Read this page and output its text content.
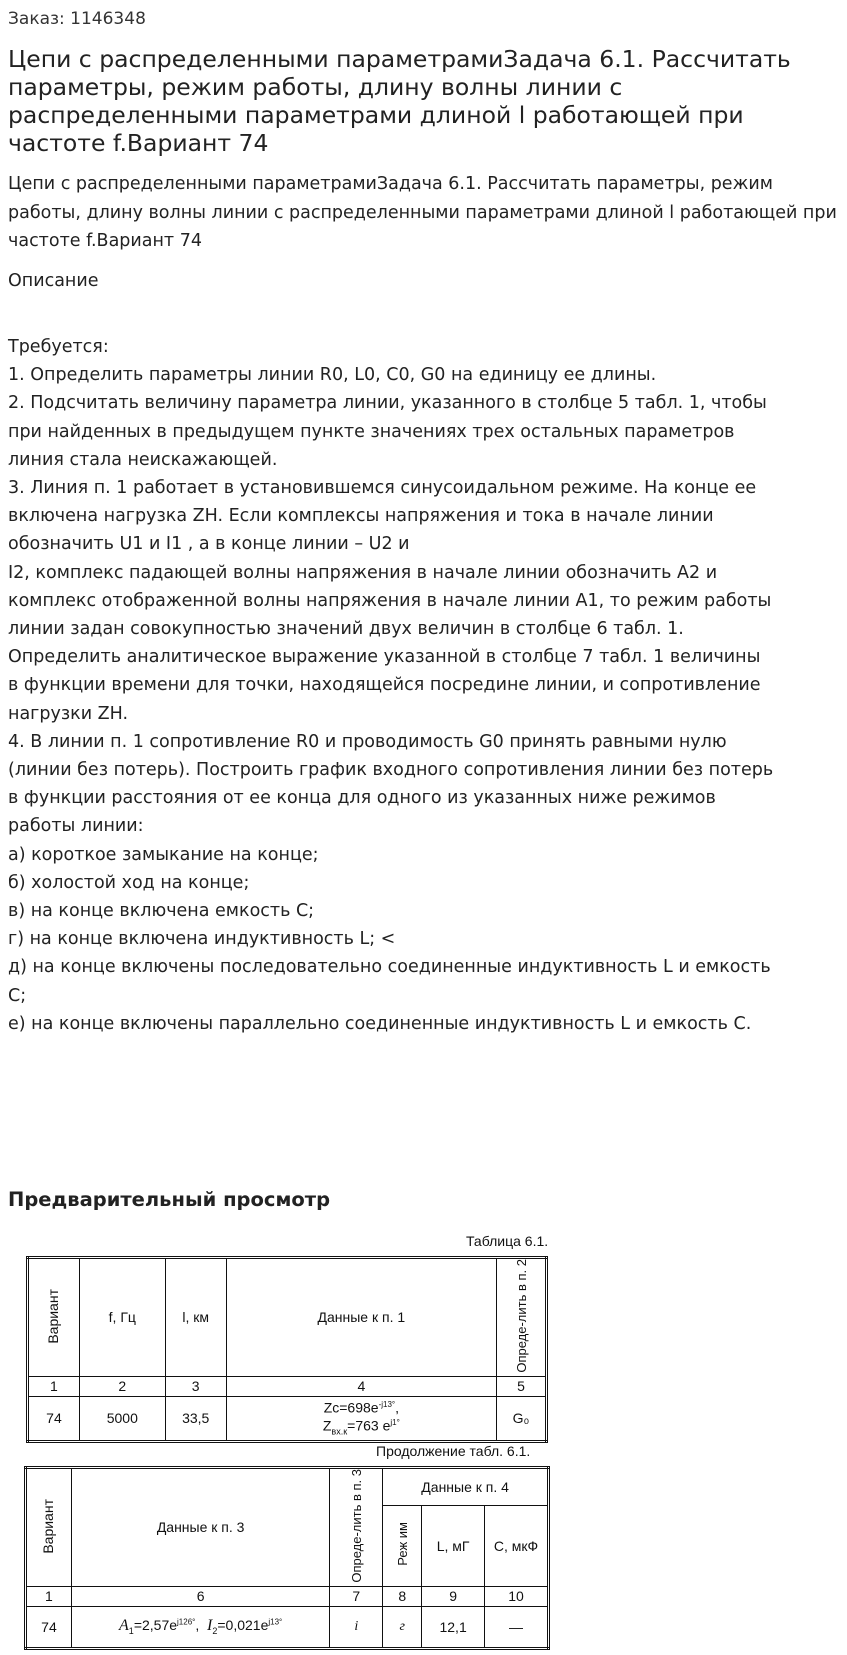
Заказ: 1146348
Цепи с распределенными параметрамиЗадача 6.1. Рассчитать параметры, режим работы, длину волны линии с распределенными параметрами длиной l работающей при частоте f.Вариант 74
Цепи с распределенными параметрамиЗадача 6.1. Рассчитать параметры, режим работы, длину волны линии с распределенными параметрами длиной l работающей при частоте f.Вариант 74
Описание
Требуется:
1. Определить параметры линии R0, L0, C0, G0 на единицу ее длины.
2. Подсчитать величину параметра линии, указанного в столбце 5 табл. 1, чтобы
при найденных в предыдущем пункте значениях трех остальных параметров
линия стала неискажающей.
3. Линия п. 1 работает в установившемся синусоидальном режиме. На конце ее
включена нагрузка ZH. Если комплексы напряжения и тока в начале линии
обозначить U1 и I1 , а в конце линии – U2 и
I2, комплекс падающей волны напряжения в начале линии обозначить A2 и
комплекс отображенной волны напряжения в начале линии A1, то режим работы
линии задан совокупностью значений двух величин в столбце 6 табл. 1.
Определить аналитическое выражение указанной в столбце 7 табл. 1 величины
в функции времени для точки, находящейся посредине линии, и сопротивление
нагрузки ZH.
4. В линии п. 1 сопротивление R0 и проводимость G0 принять равными нулю
(линии без потерь). Построить график входного сопротивления линии без потерь
в функции расстояния от ее конца для одного из указанных ниже режимов
работы линии:
а) короткое замыкание на конце;
б) холостой ход на конце;
в) на конце включена емкость C;
г) на конце включена индуктивность L; <
д) на конце включены последовательно соединенные индуктивность L и емкость
C;
е) на конце включены параллельно соединенные индуктивность L и емкость C.
Предварительный просмотр
Таблица 6.1.
Вариант	f, Гц	l, км	Данные к п. 1	Опреде-лить в п. 2
1	2	3	4	5
74	5000	33,5	$Zc=698e^{-j13^\circ}$,
$Z_{вх.к}=763$ $e^{j1^\circ}$	G₀
Продолжение табл. 6.1.
Вариант	Данные к п. 3	Опреде-лить в п. 3	Данные к п. 4		
			Реж им	L, мГ	C, мкФ
1	6	7	8	9	10
74	$A_1=2,57e^{j126^\circ}$, $I_2=0,021e^{j13^\circ}$	i	г	12,1	—
